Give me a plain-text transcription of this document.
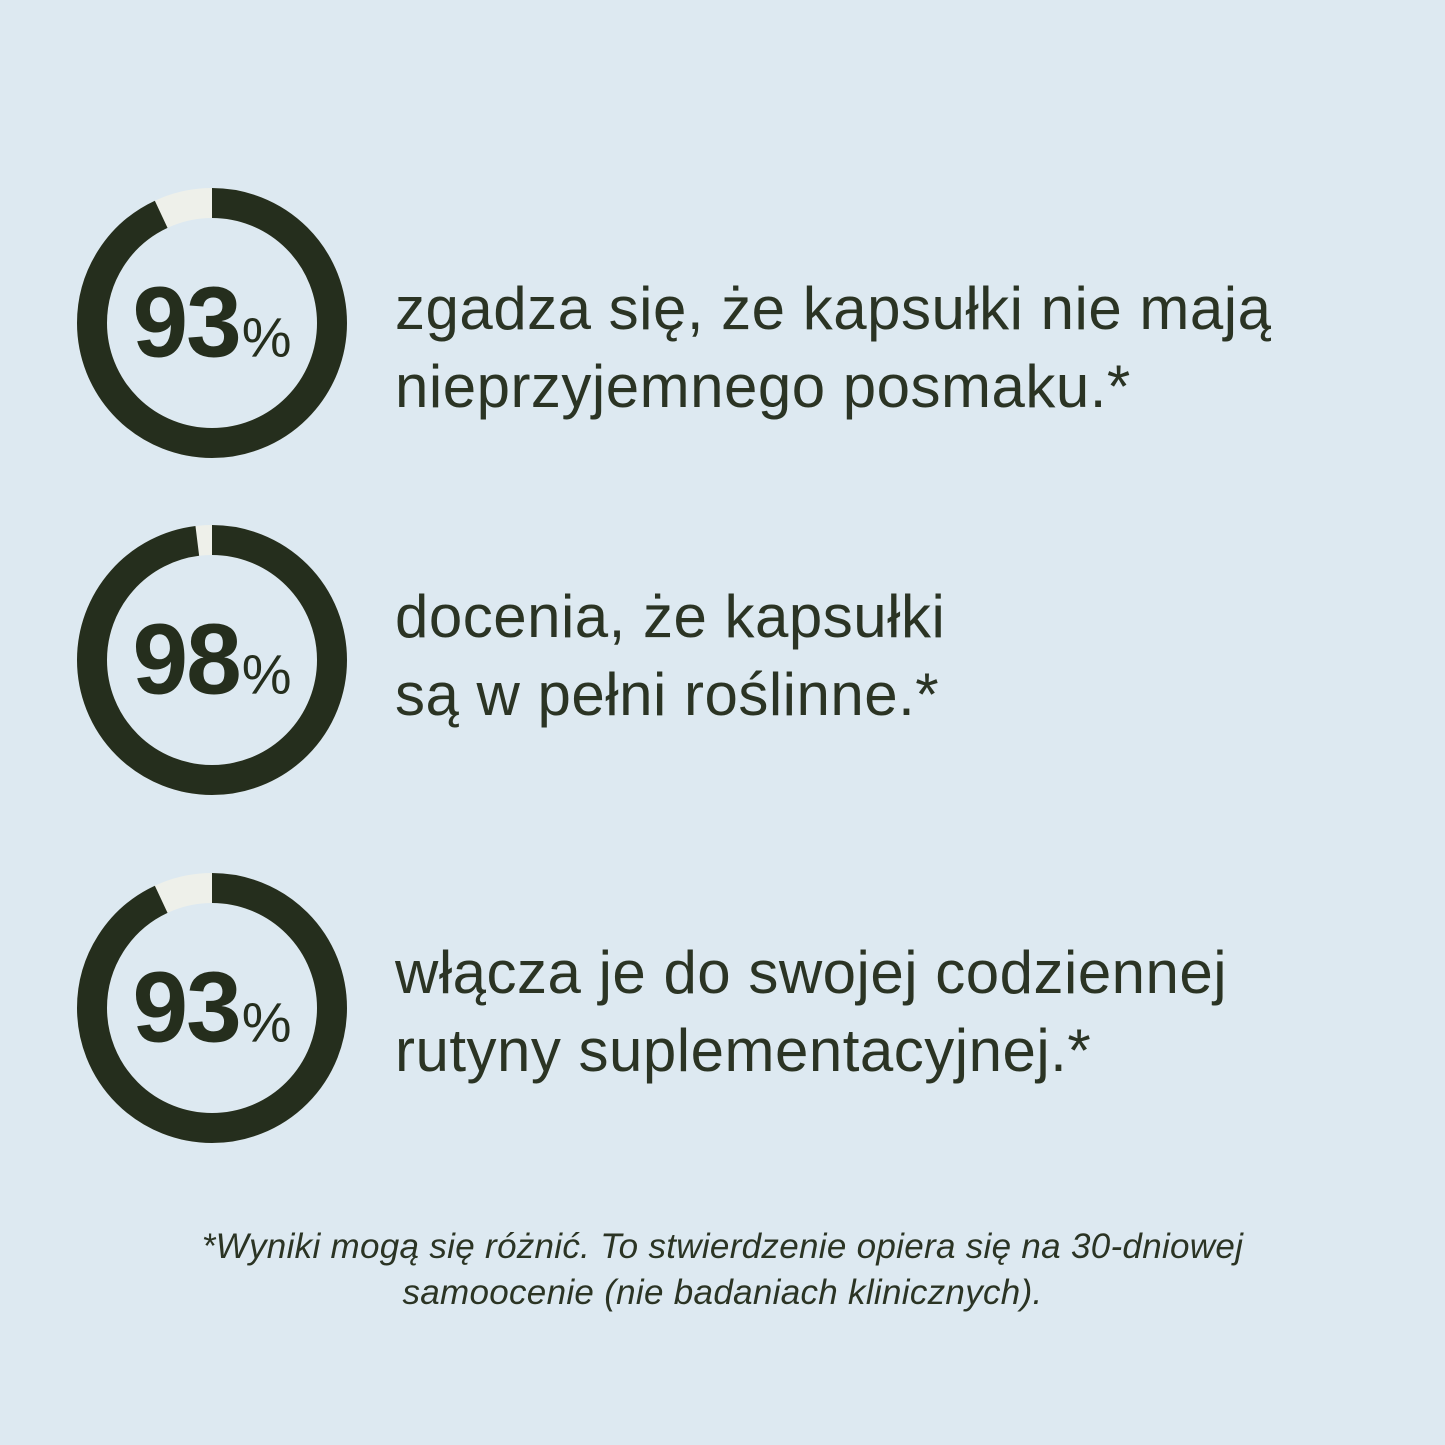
93%	zgadza się, że kapsułki nie mają
nieprzyjemnego posmaku.*
98%
docenia, że kapsułki
są w pełni roślinne.*
93%
włącza je do swojej codziennej
rutyny suplementacyjnej.*
*Wyniki mogą się różnić. To stwierdzenie opiera się na 30-dniowej
samoocenie (nie badaniach klinicznych).
